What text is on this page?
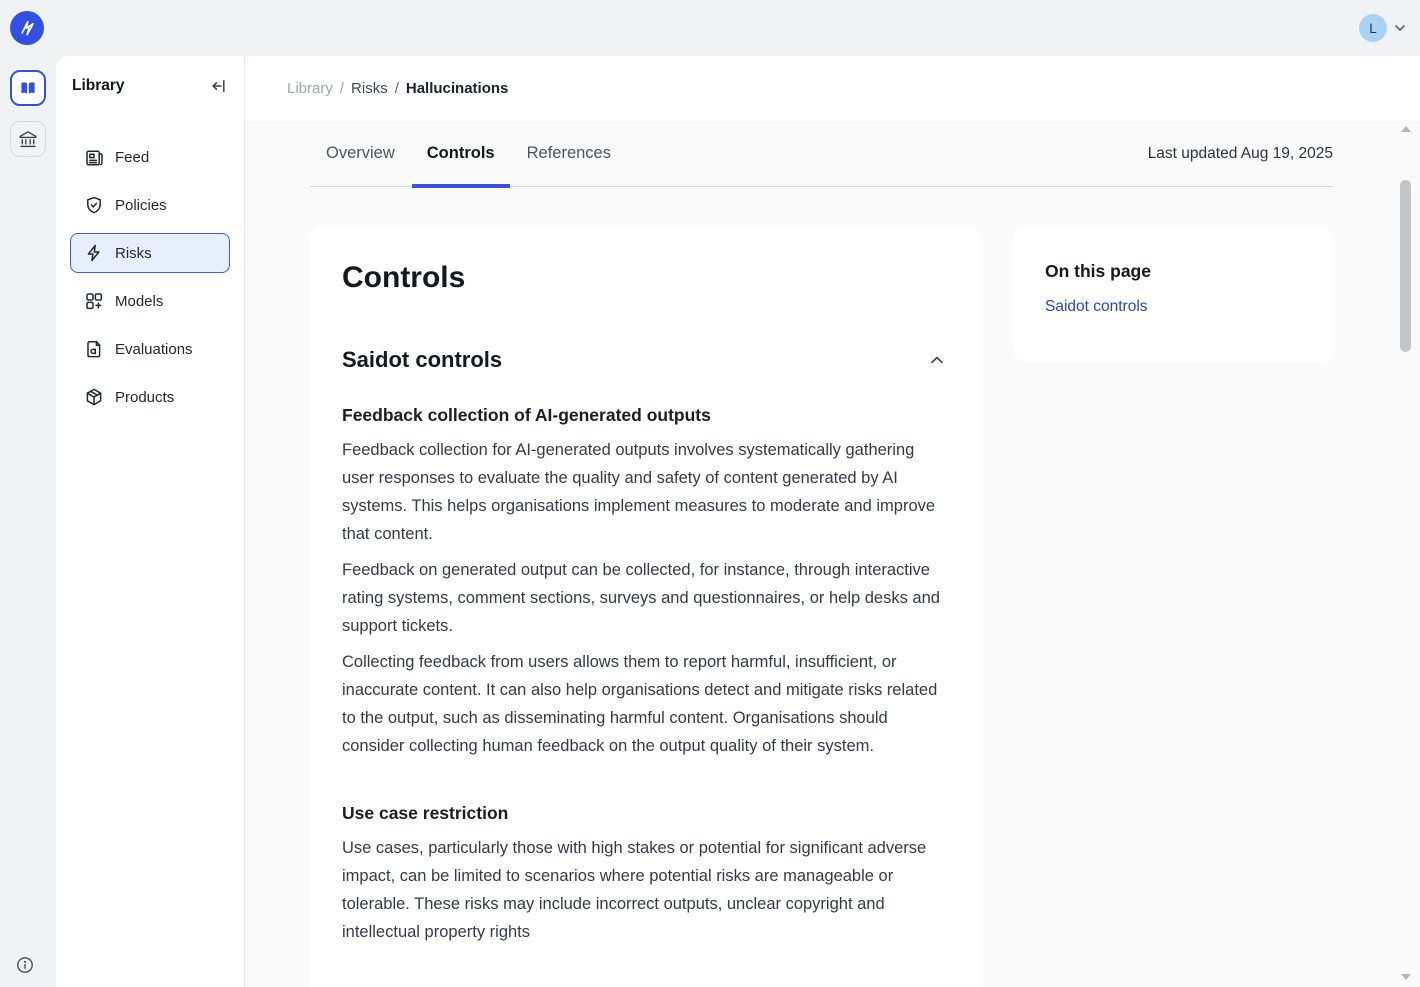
L
Library
Feed
Policies
Risks
Models
Evaluations
Products
Library / Risks / Hallucinations
Overview Controls References	Last updated Aug 19, 2025
Controls
Saidot controls
Feedback collection of AI-generated outputs

Feedback collection for AI-generated outputs involves systematically gathering user responses to evaluate the quality and safety of content generated by AI systems. This helps organisations implement measures to moderate and improve that content.

Feedback on generated output can be collected, for instance, through interactive rating systems, comment sections, surveys and questionnaires, or help desks and support tickets.

Collecting feedback from users allows them to report harmful, insufficient, or inaccurate content. It can also help organisations detect and mitigate risks related to the output, such as disseminating harmful content. Organisations should consider collecting human feedback on the output quality of their system.

Use case restriction

Use cases, particularly those with high stakes or potential for significant adverse impact, can be limited to scenarios where potential risks are manageable or tolerable. These risks may include incorrect outputs, unclear copyright and intellectual property rights

On this page
Saidot controls
